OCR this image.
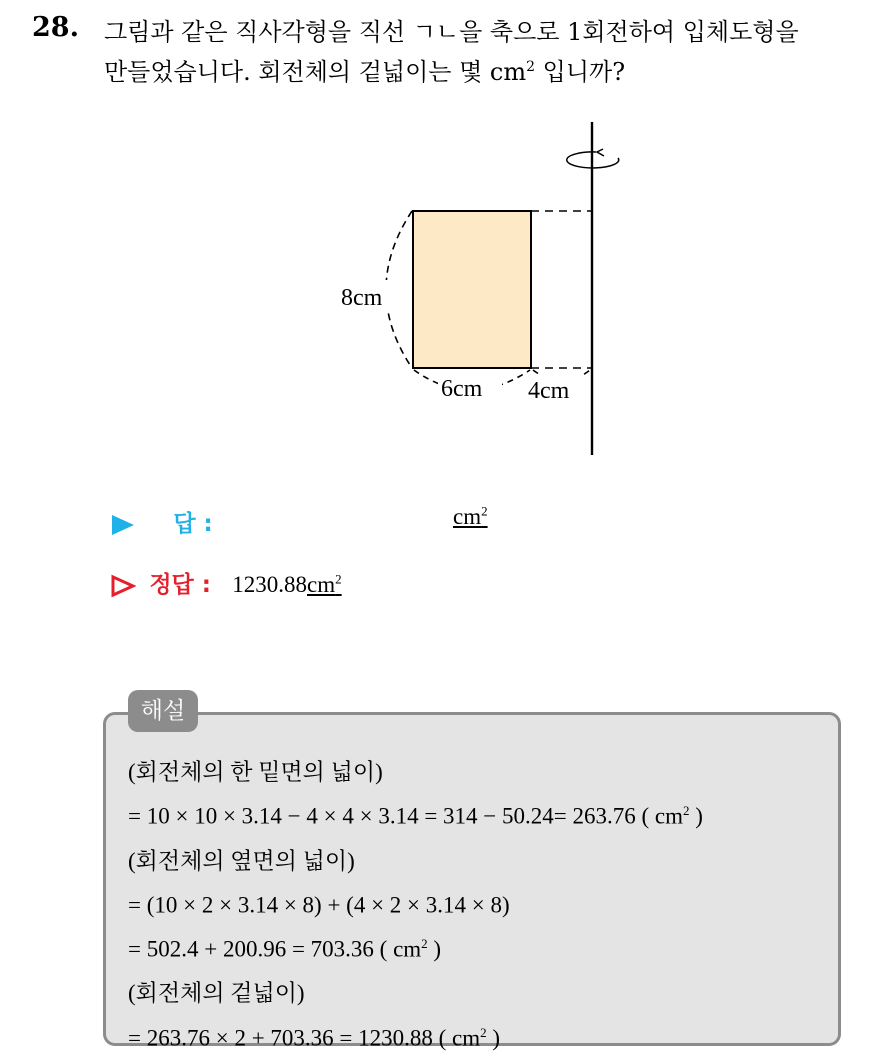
28. 그림과 같은 직사각형을 직선 ㄱㄴ을 축으로 1회전하여 입체도형을
만들었습니다. 회전체의 겉넓이는 몇 $cm^2$ 입니까?
8cm
6cm 4cm
답 :	$cm^2$
정답 : $1230.88cm^2$
해설
(회전체의 한 밑면의 넓이)
= 10 × 10 × 3.14 − 4 × 4 × 3.14 = 314 − 50.24= 263.76 ( $cm^2$ )
(회전체의 옆면의 넓이)
= (10 × 2 × 3.14 × 8) + (4 × 2 × 3.14 × 8)
= 502.4 + 200.96 = 703.36 ( $cm^2$ )
(회전체의 겉넓이)
= 263.76 × 2 + 703.36 = 1230.88 ( $cm^2$ )
